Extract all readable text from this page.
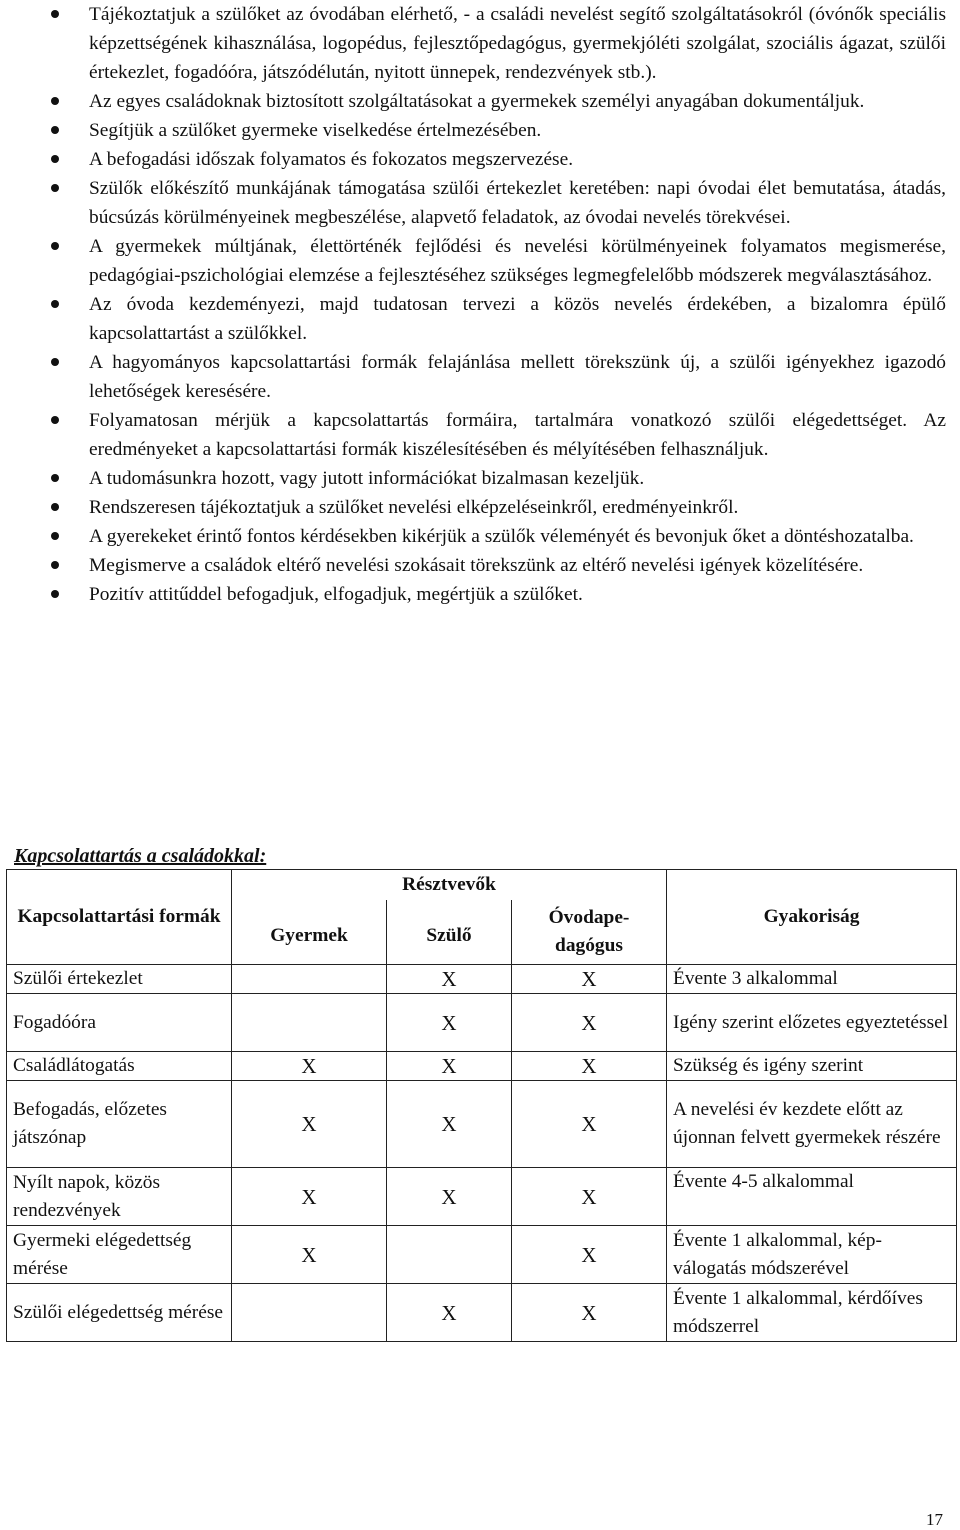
Tájékoztatjuk a szülőket az óvodában elérhető, - a családi nevelést segítő szolgáltatásokról (óvónők speciális képzettségének kihasználása, logopédus, fejlesztőpedagógus, gyermekjóléti szolgálat, szociális ágazat, szülői értekezlet, fogadóóra, játszódélután, nyitott ünnepek, rendezvények stb.).
Az egyes családoknak biztosított szolgáltatásokat a gyermekek személyi anyagában dokumentáljuk.
Segítjük a szülőket gyermeke viselkedése értelmezésében.
A befogadási időszak folyamatos és fokozatos megszervezése.
Szülők előkészítő munkájának támogatása szülői értekezlet keretében: napi óvodai élet bemutatása, átadás, búcsúzás körülményeinek megbeszélése, alapvető feladatok, az óvodai nevelés törekvései.
A gyermekek múltjának, élettörténék fejlődési és nevelési körülményeinek folyamatos megismerése, pedagógiai-pszichológiai elemzése a fejlesztéséhez szükséges legmegfelelőbb módszerek megválasztásához.
Az óvoda kezdeményezi, majd tudatosan tervezi a közös nevelés érdekében, a bizalomra épülő kapcsolattartást a szülőkkel.
A hagyományos kapcsolattartási formák felajánlása mellett törekszünk új, a szülői igényekhez igazodó lehetőségek keresésére.
Folyamatosan mérjük a kapcsolattartás formáira, tartalmára vonatkozó szülői elégedettséget. Az eredményeket a kapcsolattartási formák kiszélesítésében és mélyítésében felhasználjuk.
A tudomásunkra hozott, vagy jutott információkat bizalmasan kezeljük.
Rendszeresen tájékoztatjuk a szülőket nevelési elképzeléseinkről, eredményeinkről.
A gyerekeket érintő fontos kérdésekben kikérjük a szülők véleményét és bevonjuk őket a döntéshozatalba.
Megismerve a családok eltérő nevelési szokásait törekszünk az eltérő nevelési igények közelítésére.
Pozitív attitűddel befogadjuk, elfogadjuk, megértjük a szülőket.

Kapcsolattartás a családokkal:

Kapcsolattartási formák	Résztvevők			Gyakoriság
	Gyermek	Szülő	Óvodape-dagógus	
Szülői értekezlet		X	X	Évente 3 alkalommal
Fogadóóra		X	X	Igény szerint előzetes egyeztetéssel
Családlátogatás	X	X	X	Szükség és igény szerint
Befogadás, előzetes játszónap	X	X	X	A nevelési év kezdete előtt az újonnan felvett gyermekek részére
Nyílt napok, közös rendezvények	X	X	X	Évente 4-5 alkalommal
Gyermeki elégedettség mérése	X		X	Évente 1 alkalommal, kép-válogatás módszerével
Szülői elégedettség mérése		X	X	Évente 1 alkalommal, kérdőíves módszerrel
17
